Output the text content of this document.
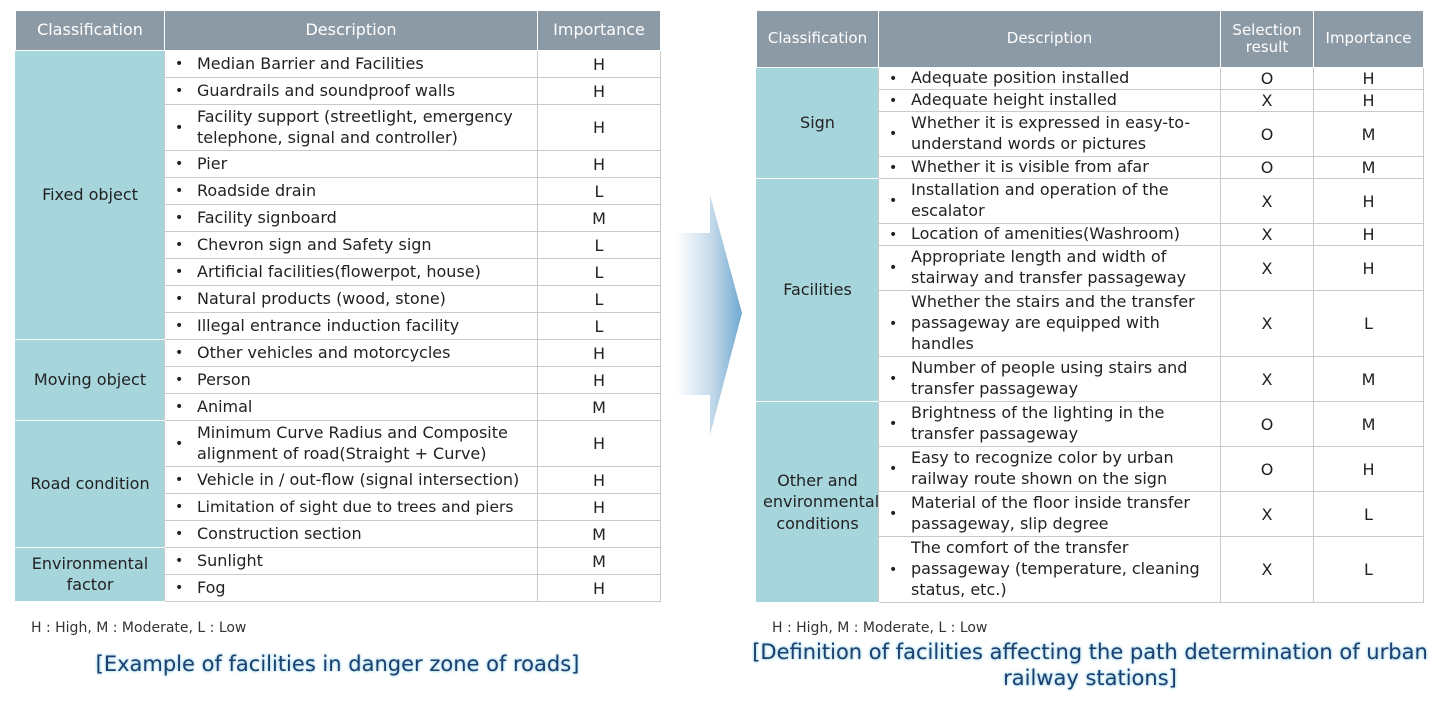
Classification	Description	Importance
Fixed object	• Median Barrier and Facilities	H
	• Guardrails and soundproof walls	H
	• Facility support (streetlight, emergency telephone, signal and controller)	H
	• Pier	H
	• Roadside drain	L
	• Facility signboard	M
	• Chevron sign and Safety sign	L
	• Artificial facilities(flowerpot, house)	L
	• Natural products (wood, stone)	L
	• Illegal entrance induction facility	L
Moving object	• Other vehicles and motorcycles	H
	• Person	H
	• Animal	M
Road condition	• Minimum Curve Radius and Composite alignment of road(Straight + Curve)	H
	• Vehicle in / out-flow (signal intersection)	H
	• Limitation of sight due to trees and piers	H
	• Construction section	M
Environmental factor	• Sunlight	M
	• Fog	H
H : High, M : Moderate, L : Low
[Example of facilities in danger zone of roads]
Classification	Description	Selection result	Importance
Sign	• Adequate position installed	O	H
	• Adequate height installed	X	H
	• Whether it is expressed in easy-to-understand words or pictures	O	M
	• Whether it is visible from afar	O	M
Facilities	• Installation and operation of the escalator	X	H
	• Location of amenities(Washroom)	X	H
	• Appropriate length and width of stairway and transfer passageway	X	H
	• Whether the stairs and the transfer passageway are equipped with handles	X	L
	• Number of people using stairs and transfer passageway	X	M
Other and environmental conditions	• Brightness of the lighting in the transfer passageway	O	M
	• Easy to recognize color by urban railway route shown on the sign	O	H
	• Material of the floor inside transfer passageway, slip degree	X	L
	• The comfort of the transfer passageway (temperature, cleaning status, etc.)	X	L
H : High, M : Moderate, L : Low
[Definition of facilities affecting the path determination of urban railway stations]
